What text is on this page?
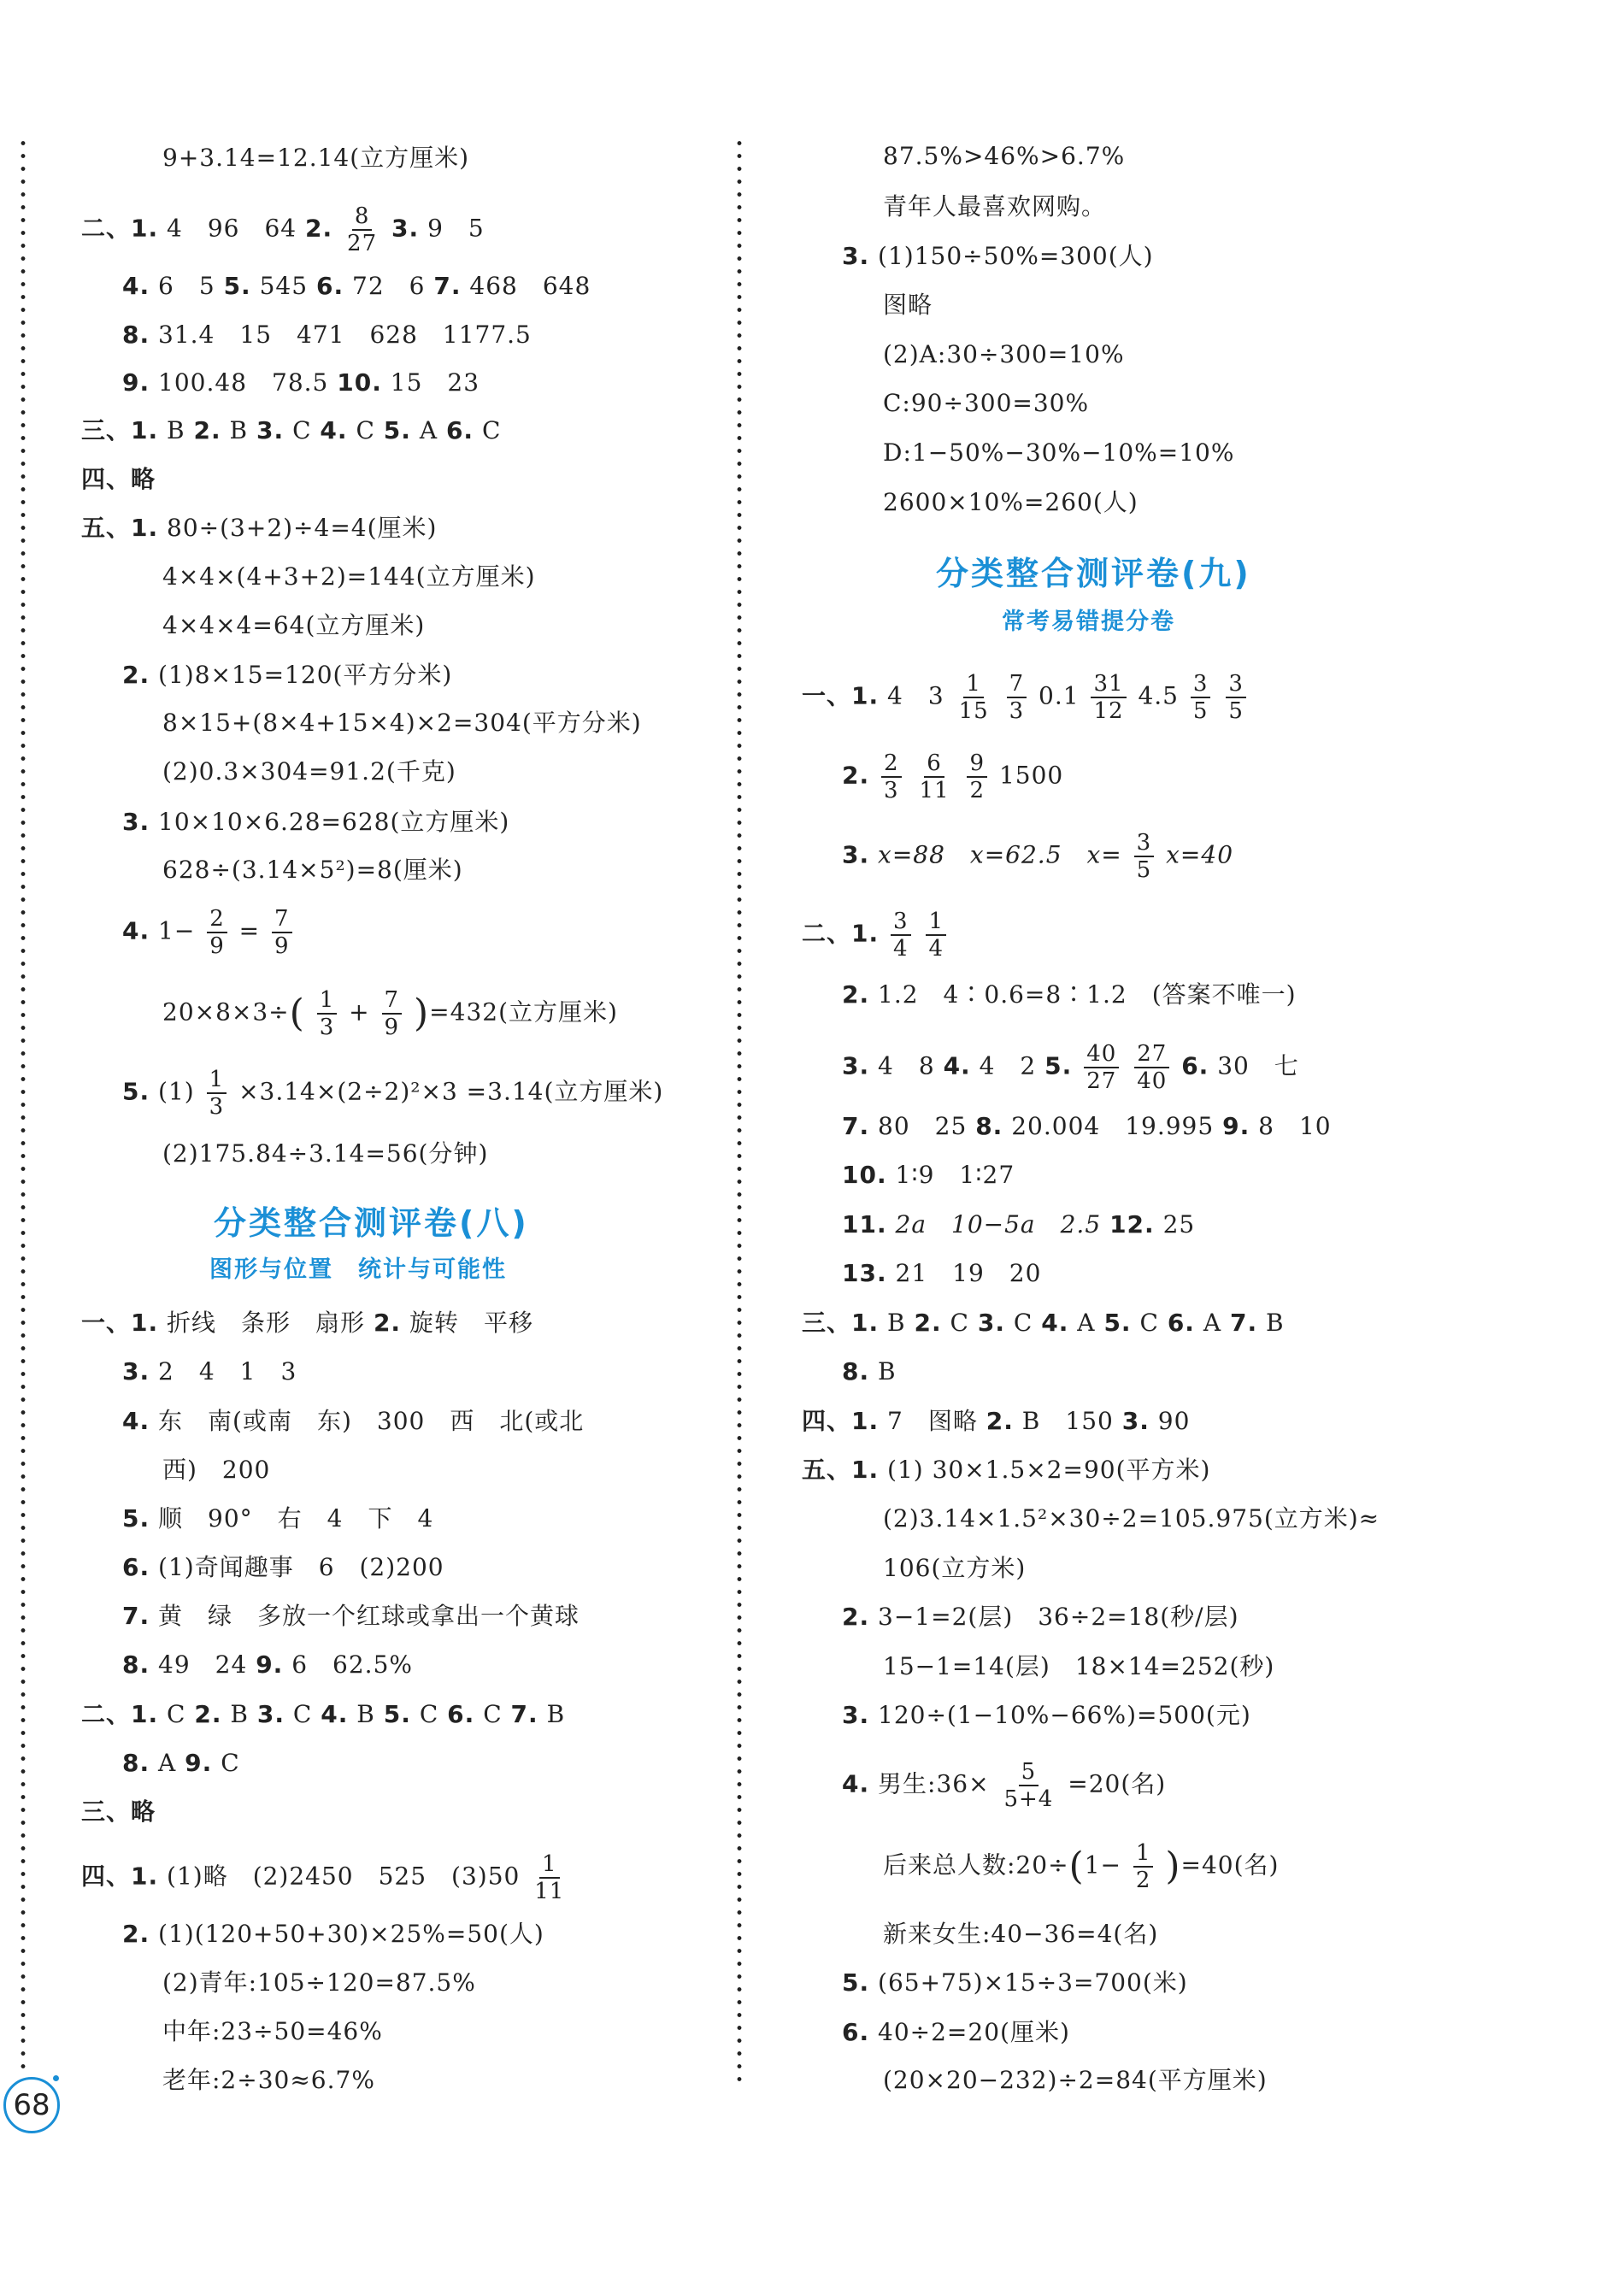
9+3.14=12.14(立方厘米)
二、1. 4　96　64 2. $\frac{8}{27} 3$. 9　5
4. 6　5 5. 545 6. 72　6 7. 468　648
8. 31.4　15　471　628　1177.5
9. 100.48　78.5 10. 15　23
三、1. B 2. B 3. C 4. C 5. A 6. C
四、略
五、1. 80÷(3+2)÷4=4(厘米)
4×4×(4+3+2)=144(立方厘米)
4×4×4=64(立方厘米)
2. (1)8×15=120(平方分米)
8×15+(8×4+15×4)×2=304(平方分米)
(2)0.3×304=91.2(千克)
3. 10×10×6.28=628(立方厘米)
628÷(3.14×5²)=8(厘米)
4. $1- \frac{2}{9} = \frac{7}{9}$
$20\times 8\times 3\div( \frac{1}{3} + \frac{7}{9} )=432$(立方厘米)
5. $(1) \frac{1}{3} \times 3.14\times(2\div 2)^2\times 3 =3.14$(立方厘米)
(2)175.84÷3.14=56(分钟)
分类整合测评卷(八)
图形与位置　统计与可能性
一、1. 折线　条形　扇形 2. 旋转　平移
3. 2　4　1　3
4. 东　南(或南　东)　300　西　北(或北
西)　200
5. 顺　90°　右　4　下　4
6. (1)奇闻趣事　6　(2)200
7. 黄　绿　多放一个红球或拿出一个黄球
8. 49　24 9. 6　62.5%
二、1. C 2. B 3. C 4. B 5. C 6. C 7. B
8. A 9. C
三、略
四、1. (1)略　(2)2450　525　$(3)50 \frac{1}{11}$
2. (1)(120+50+30)×25%=50(人)
(2)青年:105÷120=87.5%
中年:23÷50=46%
老年:2÷30≈6.7%
87.5%>46%>6.7%
青年人最喜欢网购。
3. (1)150÷50%=300(人)
图略
(2)A:30÷300=10%
C:90÷300=30%
D:1−50%−30%−10%=10%
2600×10%=260(人)
分类整合测评卷(九)
常考易错提分卷
一、1. 4　$3 \frac{1}{15}$
$\frac{7}{3} 0.1 \frac{31}{12} 4.5 \frac{3}{5}$
$\frac{3}{5}$
2. $\frac{2}{3}$
$\frac{6}{11}$
$\frac{9}{2} 1500$
3. x=88　x=62.5　$x= \frac{3}{5} x=40$
二、1. $\frac{3}{4}$
$\frac{1}{4}$
2. 1.2　4∶0.6=8∶1.2　(答案不唯一)
3. 4　8 4. 4　2 5. $\frac{40}{27}$
$\frac{27}{40} 6$. 30　七
7. 80　25 8. 20.004　19.995 9. 8　10
10. 1∶9　1∶27
11. 2a　10−5a　2.5 12. 25
13. 21　19　20
三、1. B 2. C 3. C 4. A 5. C 6. A 7. B
8. B
四、1. 7　图略 2. B　150 3. 90
五、1. (1) 30×1.5×2=90(平方米)
(2)3.14×1.5²×30÷2=105.975(立方米)≈
106(立方米)
2. 3−1=2(层)　36÷2=18(秒/层)
15−1=14(层)　18×14=252(秒)
3. 120÷(1−10%−66%)=500(元)
4. 男生:36× $\frac{5}{5+4} =20$(名)
后来总人数:20÷(1− $\frac{1}{2} )=40$(名)
新来女生:40−36=4(名)
5. (65+75)×15÷3=700(米)
6. 40÷2=20(厘米)
(20×20−232)÷2=84(平方厘米)
68
